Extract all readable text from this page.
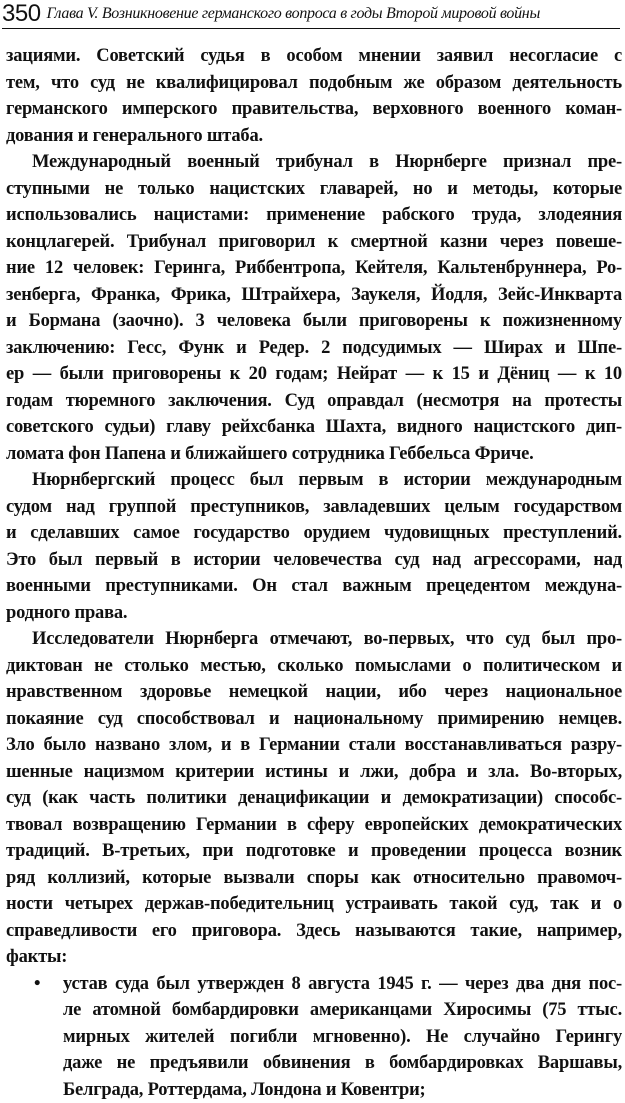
350 Глава V. Возникновение германского вопроса в годы Второй мировой войны
зациями. Советский судья в особом мнении заявил несогласие с
тем, что суд не квалифицировал подобным же образом деятельность
германского имперского правительства, верховного военного коман-
дования и генерального штаба.
Международный военный трибунал в Нюрнберге признал пре-
ступными не только нацистских главарей, но и методы, которые
использовались нацистами: применение рабского труда, злодеяния
концлагерей. Трибунал приговорил к смертной казни через повеше-
ние 12 человек: Геринга, Риббентропа, Кейтеля, Кальтенбруннера, Ро-
зенберга, Франка, Фрика, Штрайхера, Заукеля, Йодля, Зейс-Инкварта
и Бормана (заочно). 3 человека были приговорены к пожизненному
заключению: Гесс, Функ и Редер. 2 подсудимых — Ширах и Шпе-
ер — были приговорены к 20 годам; Нейрат — к 15 и Дёниц — к 10
годам тюремного заключения. Суд оправдал (несмотря на протесты
советского судьи) главу рейхсбанка Шахта, видного нацистского дип-
ломата фон Папена и ближайшего сотрудника Геббельса Фриче.
Нюрнбергский процесс был первым в истории международным
судом над группой преступников, завладевших целым государством
и сделавших самое государство орудием чудовищных преступлений.
Это был первый в истории человечества суд над агрессорами, над
военными преступниками. Он стал важным прецедентом междуна-
родного права.
Исследователи Нюрнберга отмечают, во-первых, что суд был про-
диктован не столько местью, сколько помыслами о политическом и
нравственном здоровье немецкой нации, ибо через национальное
покаяние суд способствовал и национальному примирению немцев.
Зло было названо злом, и в Германии стали восстанавливаться разру-
шенные нацизмом критерии истины и лжи, добра и зла. Во-вторых,
суд (как часть политики денацификации и демократизации) способс-
твовал возвращению Германии в сферу европейских демократических
традиций. В-третьих, при подготовке и проведении процесса возник
ряд коллизий, которые вызвали споры как относительно правомоч-
ности четырех держав-победительниц устраивать такой суд, так и о
справедливости его приговора. Здесь называются такие, например,
факты:
• устав суда был утвержден 8 августа 1945 г. — через два дня пос-
ле атомной бомбардировки американцами Хиросимы (75 ттыс.
мирных жителей погибли мгновенно). Не случайно Герингу
даже не предъявили обвинения в бомбардировках Варшавы,
Белграда, Роттердама, Лондона и Ковентри;
